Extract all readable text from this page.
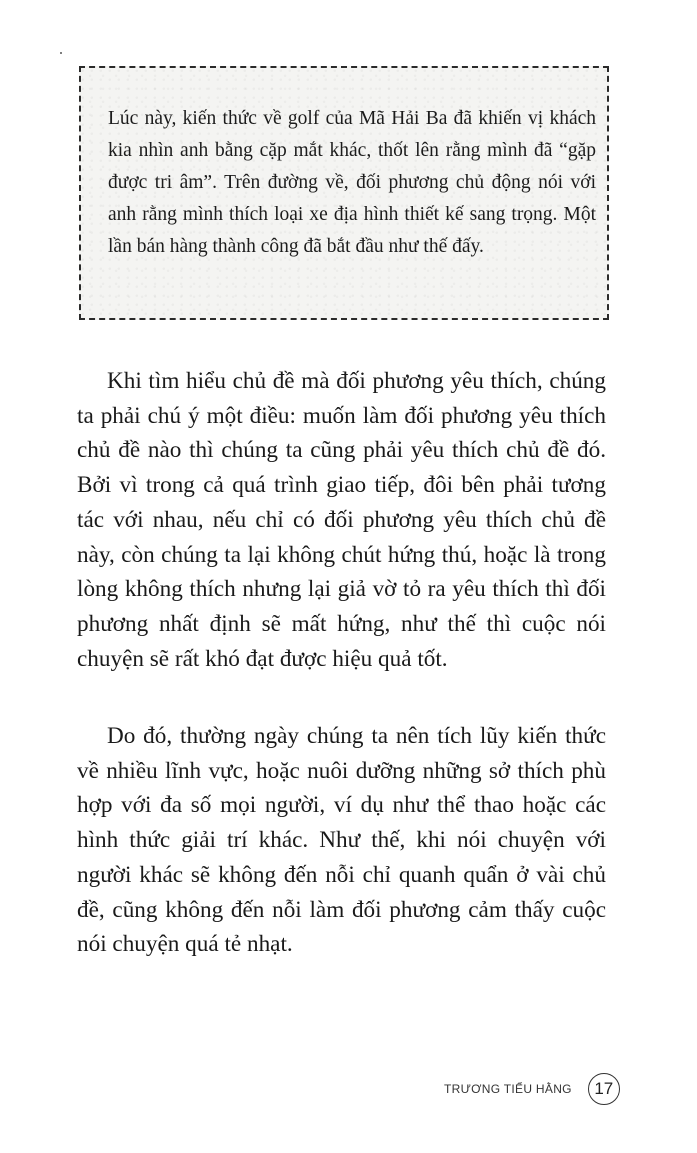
Lúc này, kiến thức về golf của Mã Hải Ba đã khiến vị khách kia nhìn anh bằng cặp mắt khác, thốt lên rằng mình đã “gặp được tri âm”. Trên đường về, đối phương chủ động nói với anh rằng mình thích loại xe địa hình thiết kế sang trọng. Một lần bán hàng thành công đã bắt đầu như thế đấy.

Khi tìm hiểu chủ đề mà đối phương yêu thích, chúng ta phải chú ý một điều: muốn làm đối phương yêu thích chủ đề nào thì chúng ta cũng phải yêu thích chủ đề đó. Bởi vì trong cả quá trình giao tiếp, đôi bên phải tương tác với nhau, nếu chỉ có đối phương yêu thích chủ đề này, còn chúng ta lại không chút hứng thú, hoặc là trong lòng không thích nhưng lại giả vờ tỏ ra yêu thích thì đối phương nhất định sẽ mất hứng, như thế thì cuộc nói chuyện sẽ rất khó đạt được hiệu quả tốt.

Do đó, thường ngày chúng ta nên tích lũy kiến thức về nhiều lĩnh vực, hoặc nuôi dưỡng những sở thích phù hợp với đa số mọi người, ví dụ như thể thao hoặc các hình thức giải trí khác. Như thế, khi nói chuyện với người khác sẽ không đến nỗi chỉ quanh quẩn ở vài chủ đề, cũng không đến nỗi làm đối phương cảm thấy cuộc nói chuyện quá tẻ nhạt.

TRƯƠNG TIỂU HẰNG	17
